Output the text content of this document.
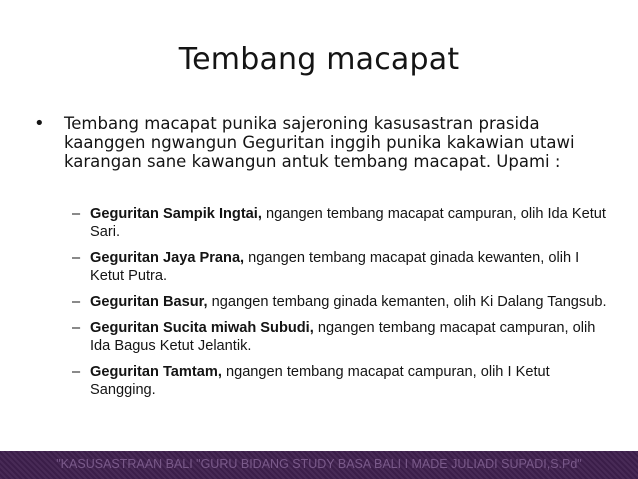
Tembang macapat
• Tembang macapat punika sajeroning kasusastran prasida kaanggen ngwangun Geguritan inggih punika kakawian utawi karangan sane kawangun antuk tembang macapat. Upami :
– Geguritan Sampik Ingtai, ngangen tembang macapat campuran, olih Ida Ketut Sari.
– Geguritan Jaya Prana, ngangen tembang macapat ginada kewanten, olih I Ketut Putra.
– Geguritan Basur, ngangen tembang ginada kemanten, olih Ki Dalang Tangsub.
– Geguritan Sucita miwah Subudi, ngangen tembang macapat campuran, olih Ida Bagus Ketut Jelantik.
– Geguritan Tamtam, ngangen tembang macapat campuran, olih I Ketut Sangging.
"KASUSASTRAAN BALI "GURU BIDANG STUDY BASA BALI I MADE JULIADI SUPADI,S.Pd"
